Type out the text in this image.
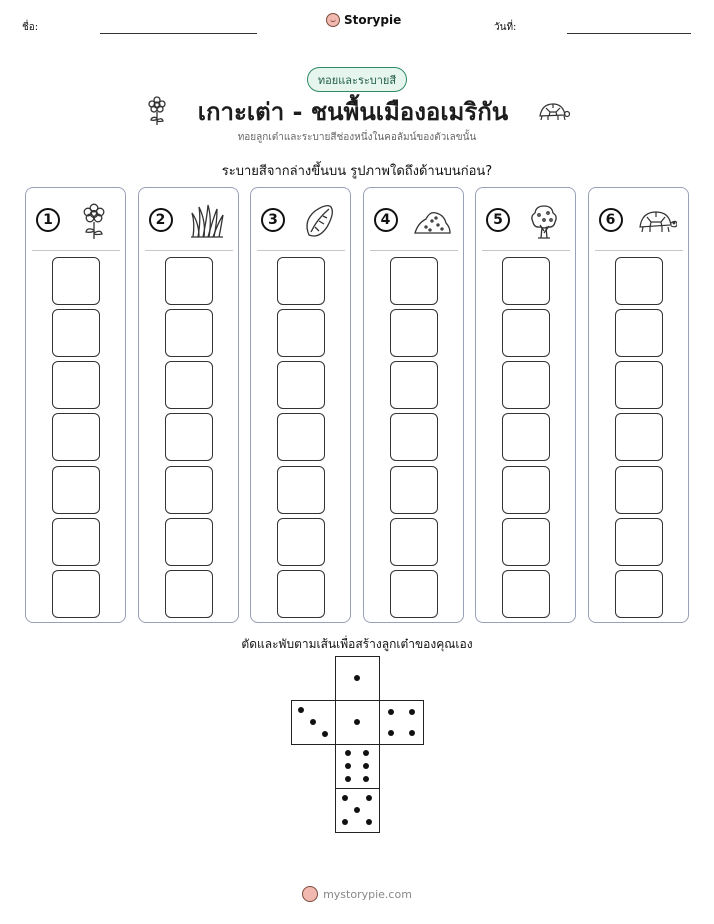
ชื่อ:
Storypie
วันที่:
ทอยและระบายสี
เกาะเต่า - ชนพื้นเมืองอเมริกัน
ทอยลูกเต๋าและระบายสีช่องหนึ่งในคอลัมน์ของตัวเลขนั้น
ระบายสีจากล่างขึ้นบน รูปภาพใดถึงด้านบนก่อน?
1	2	3	4	5	6
ตัดและพับตามเส้นเพื่อสร้างลูกเต๋าของคุณเอง
mystorypie.com
